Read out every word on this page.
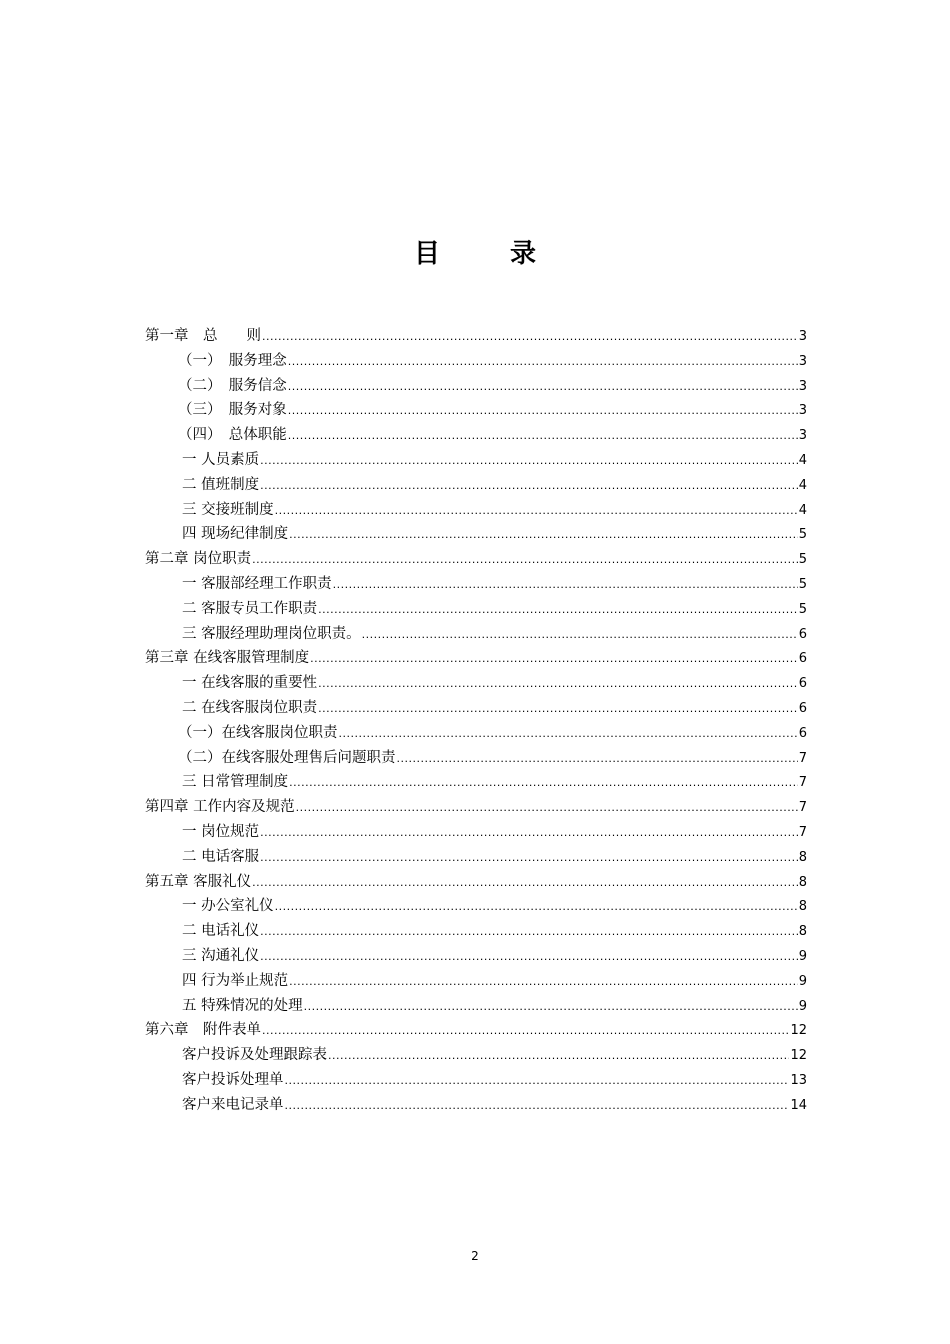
目	录
第一章　总　　则 .....	3
（一）　服务理念 .....	3
（二）　服务信念 .....	3
（三）　服务对象 .....	3
（四）　总体职能 .....	3
一 人员素质 .....	4
二 值班制度 .....	4
三 交接班制度 .....	4
四 现场纪律制度 .....	5
第二章 岗位职责 .....	5
一 客服部经理工作职责 .....	5
二 客服专员工作职责 .....	5
三 客服经理助理岗位职责。 .....	6
第三章 在线客服管理制度 .....	6
一 在线客服的重要性 .....	6
二 在线客服岗位职责 .....	6
（一）在线客服岗位职责 .....	6
（二）在线客服处理售后问题职责 .....	7
三 日常管理制度 .....	7
第四章 工作内容及规范 .....	7
一 岗位规范 .....	7
二 电话客服 .....	8
第五章 客服礼仪 .....	8
一 办公室礼仪 .....	8
二 电话礼仪 .....	8
三 沟通礼仪 .....	9
四 行为举止规范 .....	9
五 特殊情况的处理 .....	9
第六章　附件表单 .....	12
客户投诉及处理跟踪表 .....	12
客户投诉处理单 .....	13
客户来电记录单 .....	14
2
